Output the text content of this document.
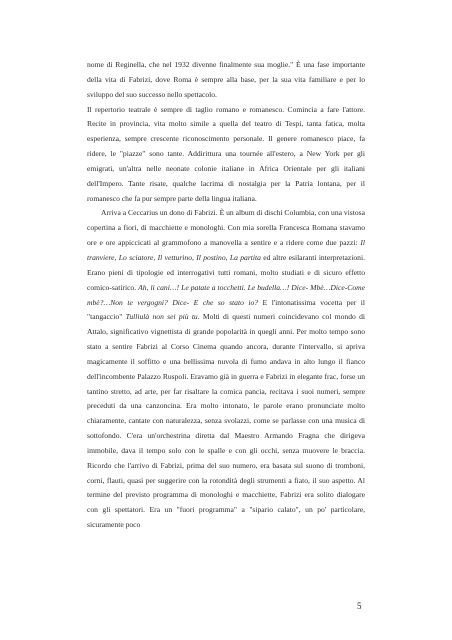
nome di Reginella, che nel 1932 divenne finalmente sua moglie." È una fase importante della vita di Fabrizi, dove Roma è sempre alla base, per la sua vita familiare e per lo sviluppo del suo successo nello spettacolo.

Il repertorio teatrale è sempre di taglio romano e romanesco. Comincia a fare l'attore. Recite in provincia, vita molto simile a quella del teatro di Tespi, tanta fatica, molta esperienza, sempre crescente riconoscimento personale. Il genere romanesco piace, fa ridere, le "piazze" sono tante. Addirittura una tournée all'estero, a New York per gli emigrati, un'altra nelle neonate colonie italiane in Africa Orientale per gli italiani dell'Impero. Tante risate, qualche lacrima di nostalgia per la Patria lontana, per il romanesco che fa pur sempre parte della lingua italiana.

Arriva a Ceccarius un dono di Fabrizi. È un album di dischi Columbia, con una vistosa copertina a fiori, di macchiette e monologhi. Con mia sorella Francesca Romana stavamo ore e ore appiccicati al grammofono a manovella a sentire e a ridere come due pazzi: Il tranviere, Lo sciatore, Il vetturino, Il postino, La partita ed altre esilaranti interpretazioni. Erano pieni di tipologie ed interrogativi tutti romani, molto studiati e di sicuro effetto comico-satirico. Ah, li cani…! Le patate a tocchetti. Le budella…! Dice- Mbè…Dice-Come mbè?…Non te vergogni? Dice- E che so stato io? E l'intonatissima vocetta per il "tangaccio" Tulliulà non sei più tu. Molti di questi numeri coincidevano col mondo di Attalo, significativo vignettista di grande popolarità in quegli anni. Per molto tempo sono stato a sentire Fabrizi al Corso Cinema quando ancora, durante l'intervallo, si apriva magicamente il soffitto e una bellissima nuvola di fumo andava in alto lungo il fianco dell'incombente Palazzo Ruspoli. Eravamo già in guerra e Fabrizi in elegante frac, forse un tantino stretto, ad arte, per far risaltare la comica pancia, recitava i suoi numeri, sempre preceduti da una canzoncina. Era molto intonato, le parole erano pronunciate molto chiaramente, cantate con naturalezza, senza svolazzi, come se parlasse con una musica di sottofondo. C'era un'orchestrina diretta dal Maestro Armando Fragna che dirigeva immobile, dava il tempo solo con le spalle e con gli occhi, senza muovere le braccia. Ricordo che l'arrivo di Fabrizi, prima del suo numero, era basata sul suono di tromboni, corni, flauti, quasi per suggerire con la rotondità degli strumenti a fiato, il suo aspetto. Al termine del previsto programma di monologhi e macchiette, Fabrizi era solito dialogare con gli spettatori. Era un "fuori programma" a "sipario calato", un po' particolare, sicuramente poco

5
